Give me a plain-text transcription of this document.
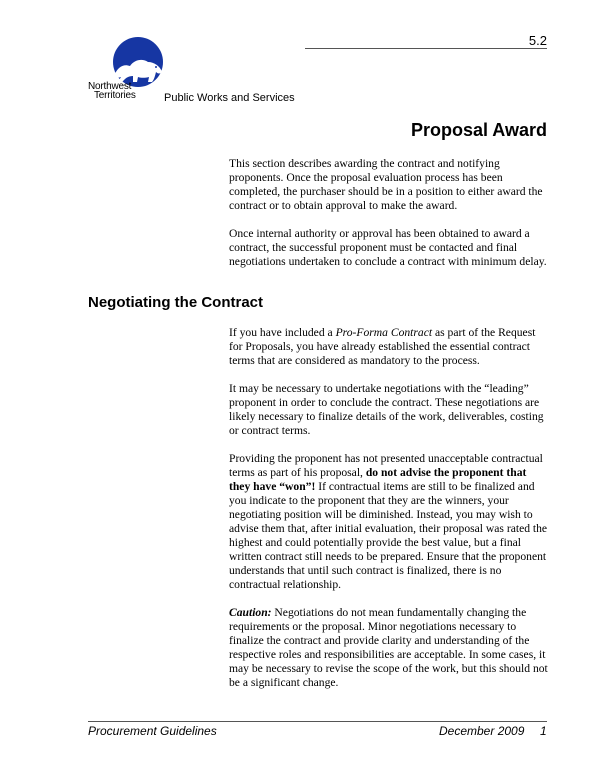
5.2
Northwest
Territories	Public Works and Services
Proposal Award

This section describes awarding the contract and notifying proponents. Once the proposal evaluation process has been completed, the purchaser should be in a position to either award the contract or to obtain approval to make the award.

Once internal authority or approval has been obtained to award a contract, the successful proponent must be contacted and final negotiations undertaken to conclude a contract with minimum delay.

Negotiating the Contract

If you have included a Pro-Forma Contract as part of the Request for Proposals, you have already established the essential contract terms that are considered as mandatory to the process.

It may be necessary to undertake negotiations with the “leading” proponent in order to conclude the contract. These negotiations are likely necessary to finalize details of the work, deliverables, costing or contract terms.

Providing the proponent has not presented unacceptable contractual terms as part of his proposal, do not advise the proponent that they have “won”! If contractual items are still to be finalized and you indicate to the proponent that they are the winners, your negotiating position will be diminished. Instead, you may wish to advise them that, after initial evaluation, their proposal was rated the highest and could potentially provide the best value, but a final written contract still needs to be prepared. Ensure that the proponent understands that until such contract is finalized, there is no contractual relationship.

Caution: Negotiations do not mean fundamentally changing the requirements or the proposal. Minor negotiations necessary to finalize the contract and provide clarity and understanding of the respective roles and responsibilities are acceptable. In some cases, it may be necessary to revise the scope of the work, but this should not be a significant change.

Procurement Guidelines	December 2009 1
